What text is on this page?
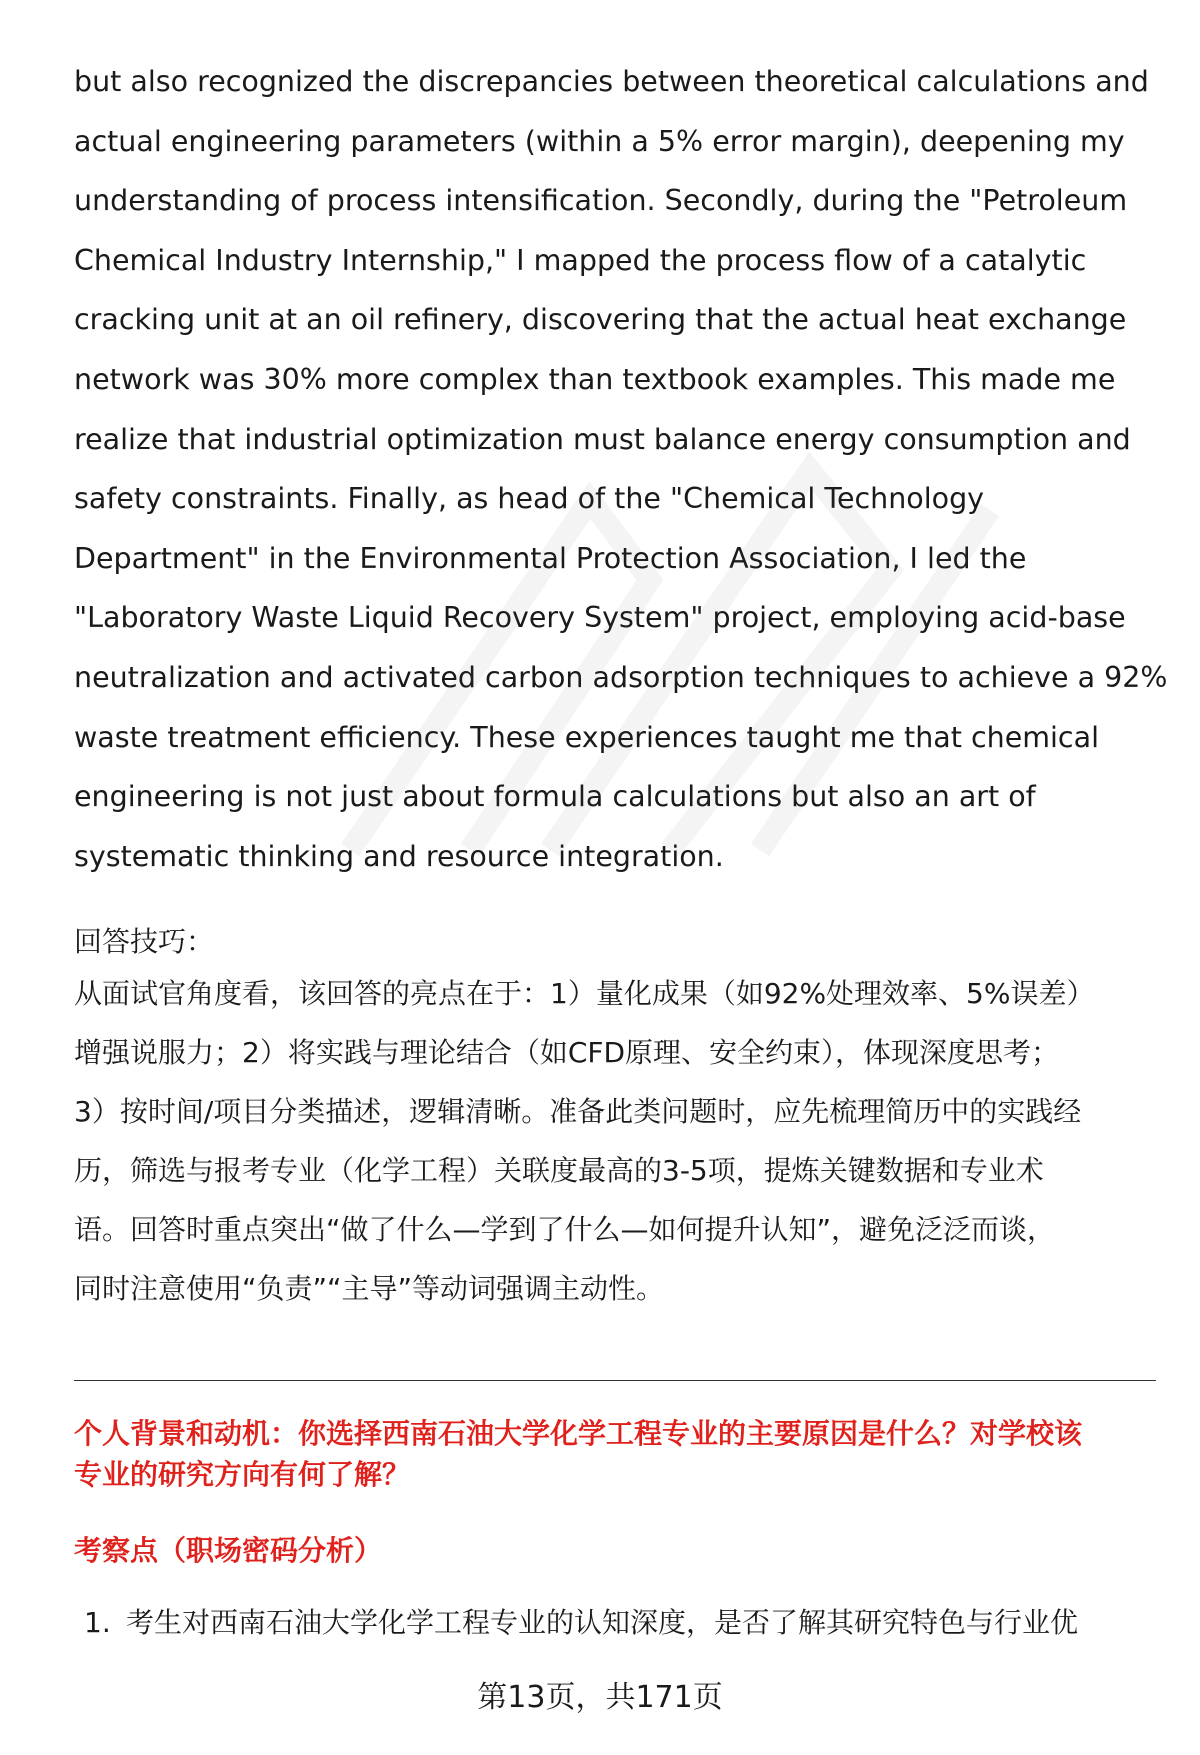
but also recognized the discrepancies between theoretical calculations and
actual engineering parameters (within a 5% error margin), deepening my
understanding of process intensification. Secondly, during the "Petroleum
Chemical Industry Internship," I mapped the process flow of a catalytic
cracking unit at an oil refinery, discovering that the actual heat exchange
network was 30% more complex than textbook examples. This made me
realize that industrial optimization must balance energy consumption and
safety constraints. Finally, as head of the "Chemical Technology
Department" in the Environmental Protection Association, I led the
"Laboratory Waste Liquid Recovery System" project, employing acid-base
neutralization and activated carbon adsorption techniques to achieve a 92%
waste treatment efficiency. These experiences taught me that chemical
engineering is not just about formula calculations but also an art of
systematic thinking and resource integration.

回答技巧：
从面试官角度看，该回答的亮点在于：1）量化成果（如92%处理效率、5%误差）
增强说服力；2）将实践与理论结合（如CFD原理、安全约束），体现深度思考；
3）按时间/项目分类描述，逻辑清晰。准备此类问题时，应先梳理简历中的实践经
历，筛选与报考专业（化学工程）关联度最高的3-5项，提炼关键数据和专业术
语。回答时重点突出“做了什么—学到了什么—如何提升认知”，避免泛泛而谈，
同时注意使用“负责”“主导”等动词强调主动性。
个人背景和动机：你选择西南石油大学化学工程专业的主要原因是什么？对学校该
专业的研究方向有何了解？
考察点（职场密码分析）
1. 考生对西南石油大学化学工程专业的认知深度，是否了解其研究特色与行业优
第13页，共171页
